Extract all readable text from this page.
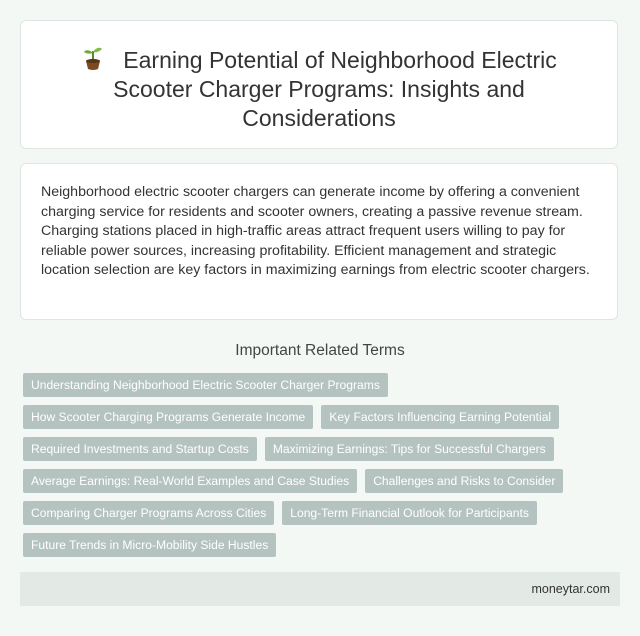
Earning Potential of Neighborhood Electric Scooter Charger Programs: Insights and Considerations

Neighborhood electric scooter chargers can generate income by offering a convenient charging service for residents and scooter owners, creating a passive revenue stream. Charging stations placed in high-traffic areas attract frequent users willing to pay for reliable power sources, increasing profitability. Efficient management and strategic location selection are key factors in maximizing earnings from electric scooter chargers.

Important Related Terms
Understanding Neighborhood Electric Scooter Charger Programs
How Scooter Charging Programs Generate Income	Key Factors Influencing Earning Potential
Required Investments and Startup Costs	Maximizing Earnings: Tips for Successful Chargers
Average Earnings: Real-World Examples and Case Studies	Challenges and Risks to Consider
Comparing Charger Programs Across Cities	Long-Term Financial Outlook for Participants
Future Trends in Micro-Mobility Side Hustles
moneytar.com
